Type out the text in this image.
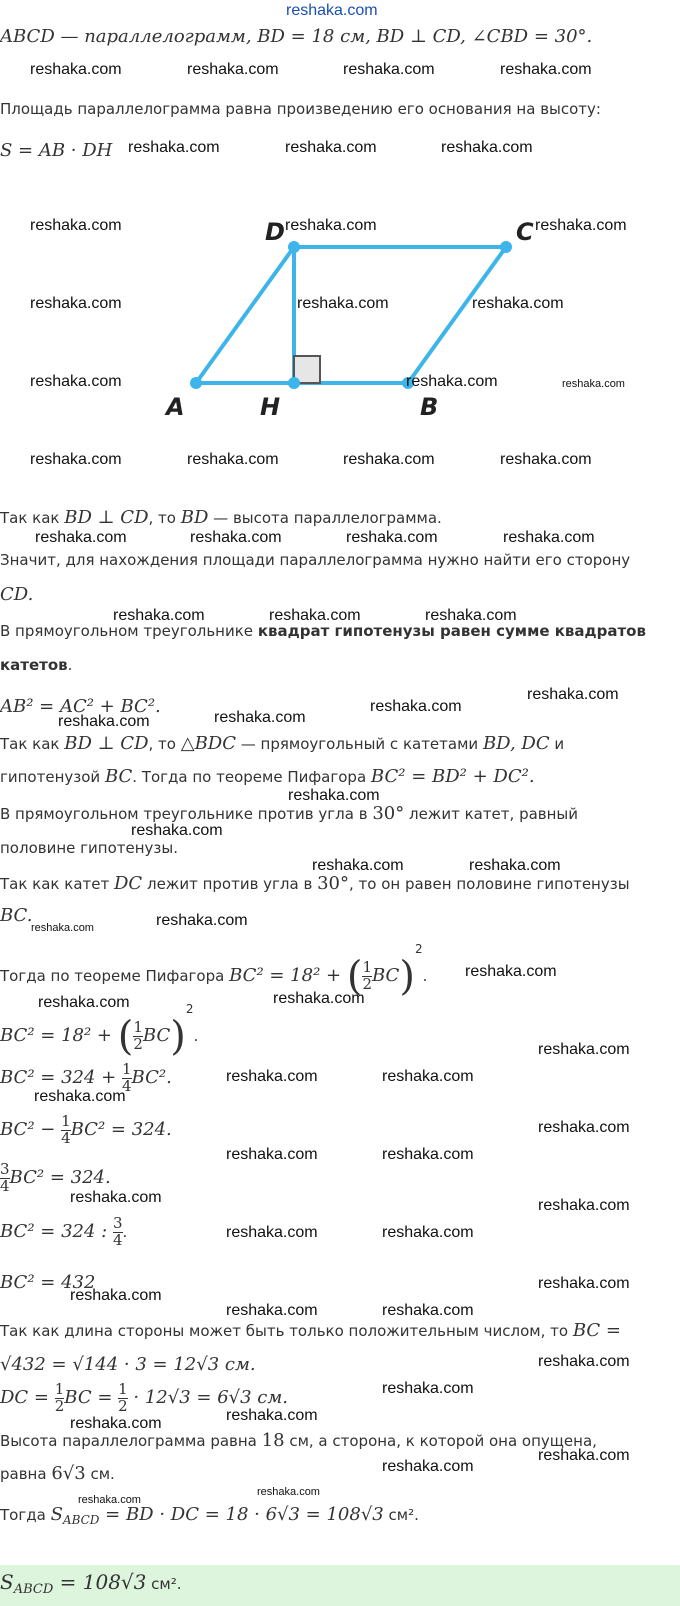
reshaka.com
ABCD — параллелограмм, BD = 18 см, BD ⊥ CD, ∠CBD = 30°.
Площадь параллелограмма равна произведению его основания на высоту:
S = AB · DH
D	C
A	H	B
Так как BD ⊥ CD, то BD — высота параллелограмма.
Значит, для нахождения площади параллелограмма нужно найти его сторону
CD.
В прямоугольном треугольнике квадрат гипотенузы равен сумме квадратов
катетов.
AB² = AC² + BC².
Так как BD ⊥ CD, то △BDC — прямоугольный с катетами BD, DC и
гипотенузой BC. Тогда по теореме Пифагора BC² = BD² + DC².
В прямоугольном треугольнике против угла в 30° лежит катет, равный
половине гипотенузы.
Так как катет DC лежит против угла в 30°, то он равен половине гипотенузы
BC.
Тогда по теореме Пифагора BC² = 18² + ( $\frac{1}{2} BC)^2$.
BC² = 18² + ( $\frac{1}{2} BC)^2$.
$BC^2 = 324 + \frac{1}{4} BC^2$.
$BC^2 - \frac{1}{4} BC^2 = 324$.
$\frac{3}{4} BC^2 = 324$.
BC² = 324 : $\frac{3}{4}$ .
BC² = 432
Так как длина стороны может быть только положительным числом, то BC =
√432 = √144 · 3 = 12√3 см.
DC = $\frac{1}{2}$ BC = $\frac{1}{2} \cdot 12√3 = 6√3$ см.
Высота параллелограмма равна 18 см, а сторона, к которой она опущена,
равна 6√3 см.
Тогда $S_{ABCD}$ = BD · DC = 18 · 6√3 = 108√3 см².
$S_{ABCD} = 108√3$ см².
reshaka.com	reshaka.com	reshaka.com	reshaka.com
reshaka.com	reshaka.com	reshaka.com
reshaka.com	reshaka.com	reshaka.com
reshaka.com	reshaka.com	reshaka.com
reshaka.com	reshaka.com	reshaka.com
reshaka.com	reshaka.com	reshaka.com	reshaka.com
reshaka.com	reshaka.com	reshaka.com	reshaka.com
reshaka.com	reshaka.com	reshaka.com
reshaka.com
reshaka.com
reshaka.com
reshaka.com
reshaka.com
reshaka.com
reshaka.com	reshaka.com
reshaka.com	reshaka.com
reshaka.com
reshaka.com
reshaka.com
reshaka.com
reshaka.com	reshaka.com
reshaka.com
reshaka.com
reshaka.com	reshaka.com
reshaka.com	reshaka.com
reshaka.com	reshaka.com
reshaka.com
reshaka.com
reshaka.com	reshaka.com
reshaka.com
reshaka.com
reshaka.com
reshaka.com
reshaka.com
reshaka.com
reshaka.com
reshaka.com
